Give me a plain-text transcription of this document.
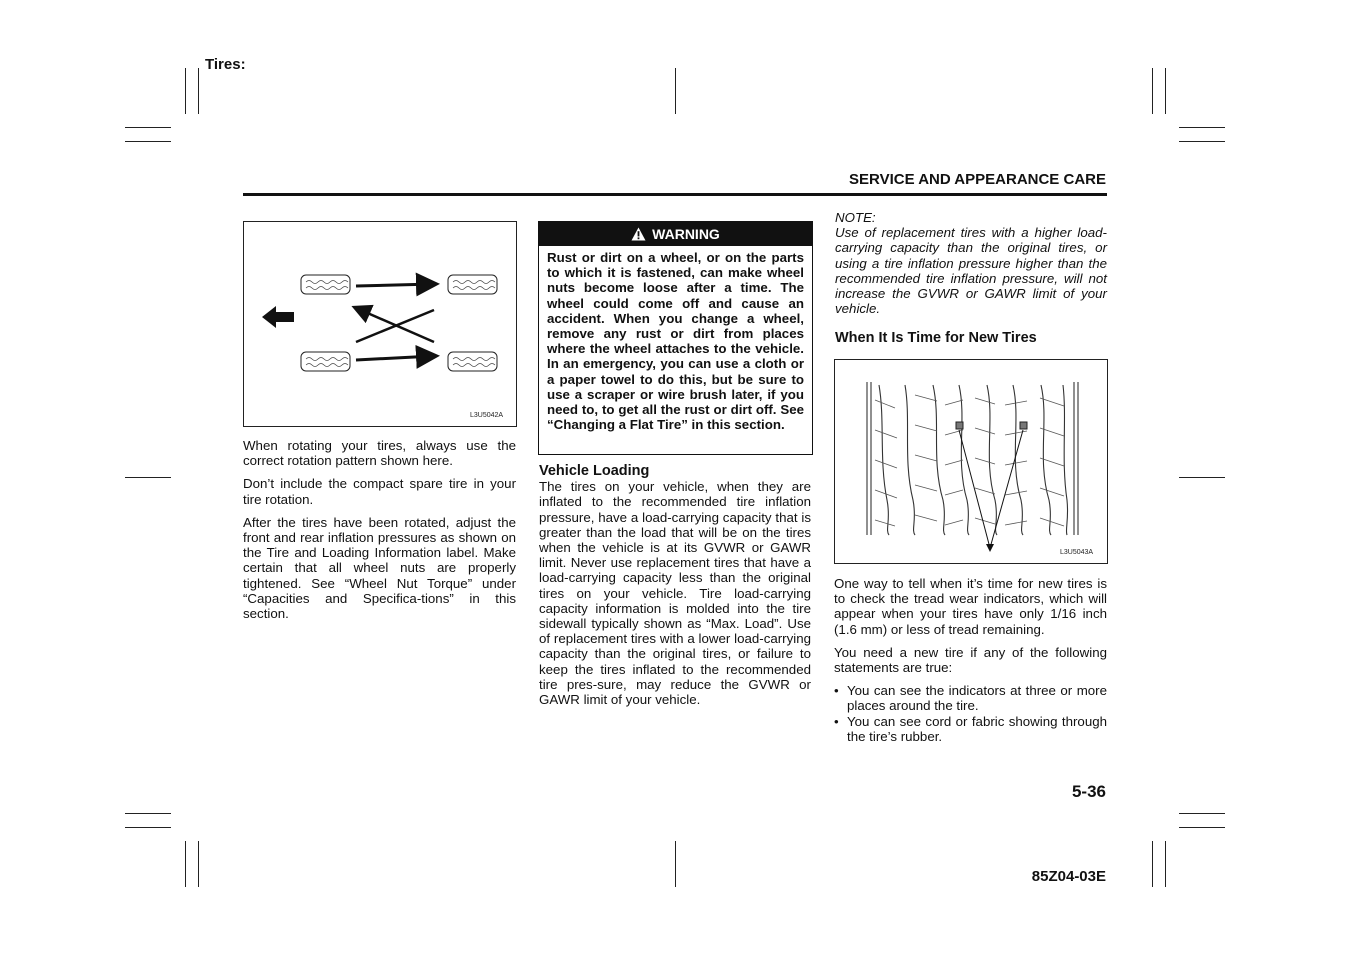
Tires:
SERVICE AND APPEARANCE CARE
L3U5042A

When rotating your tires, always use the correct rotation pattern shown here.

Don’t include the compact spare tire in your tire rotation.

After the tires have been rotated, adjust the front and rear inflation pressures as shown on the Tire and Loading Information label. Make certain that all wheel nuts are properly tightened. See “Wheel Nut Torque” under “Capacities and Specifica-tions” in this section.

WARNING
Rust or dirt on a wheel, or on the parts to which it is fastened, can make wheel nuts become loose after a time. The wheel could come off and cause an accident. When you change a wheel, remove any rust or dirt from places where the wheel attaches to the vehicle. In an emergency, you can use a cloth or a paper towel to do this, but be sure to use a scraper or wire brush later, if you need to, to get all the rust or dirt off. See “Changing a Flat Tire” in this section.
Vehicle Loading

The tires on your vehicle, when they are inflated to the recommended tire inflation pressure, have a load-carrying capacity that is greater than the load that will be on the tires when the vehicle is at its GVWR or GAWR limit. Never use replacement tires that have a load-carrying capacity less than the original tires on your vehicle. Tire load-carrying capacity information is molded into the tire sidewall typically shown as “Max. Load”. Use of replacement tires with a lower load-carrying capacity than the original tires, or failure to keep the tires inflated to the recommended tire pres-sure, may reduce the GVWR or GAWR limit of your vehicle.

NOTE:

Use of replacement tires with a higher load-carrying capacity than the original tires, or using a tire inflation pressure higher than the recommended tire inflation pressure, will not increase the GVWR or GAWR limit of your vehicle.

When It Is Time for New Tires
L3U5043A

One way to tell when it’s time for new tires is to check the tread wear indicators, which will appear when your tires have only 1/16 inch (1.6 mm) or less of tread remaining.

You need a new tire if any of the following statements are true:

• You can see the indicators at three or more places around the tire.
• You can see cord or fabric showing through the tire’s rubber.
5-36
85Z04-03E
